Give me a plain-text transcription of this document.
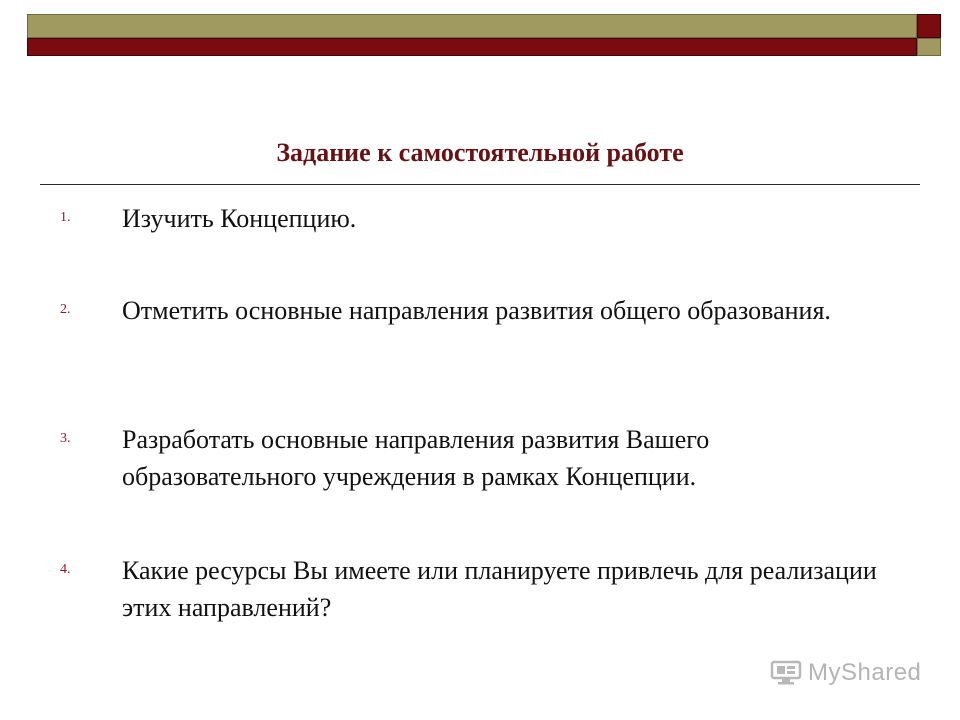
Задание к самостоятельной работе
1. Изучить Концепцию.
2. Отметить основные направления развития общего образования.
3. Разработать основные направления развития Вашего образовательного учреждения в рамках Концепции.
4. Какие ресурсы Вы имеете или планируете привлечь для реализации этих направлений?
MyShared
